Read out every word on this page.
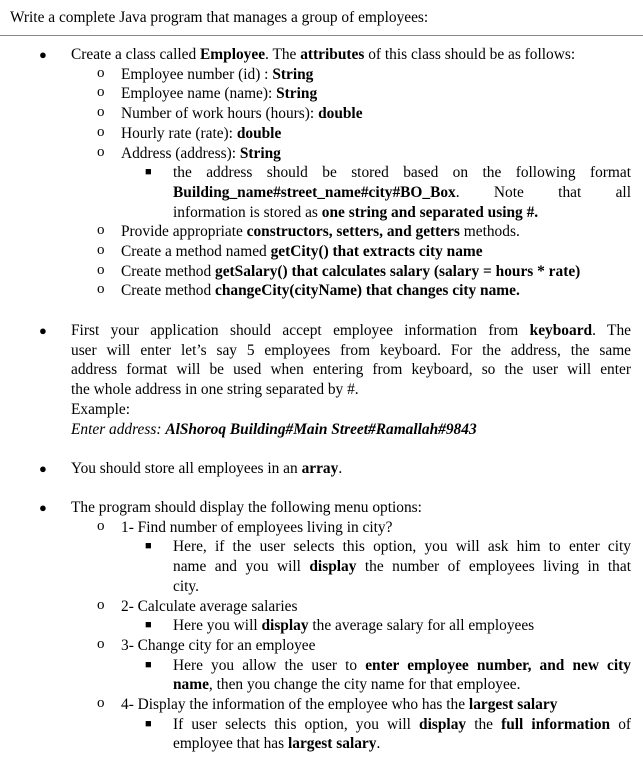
Write a complete Java program that manages a group of employees:
● Create a class called Employee. The attributes of this class should be as follows:
o Employee number (id) : String
o Employee name (name): String
o Number of work hours (hours): double
o Hourly rate (rate): double
o Address (address): String
■ the address should be stored based on the following format
Building_name#street_name#city#BO_Box. Note that all
information is stored as one string and separated using #.
o Provide appropriate constructors, setters, and getters methods.
o Create a method named getCity() that extracts city name
o Create method getSalary() that calculates salary (salary = hours * rate)
o Create method changeCity(cityName) that changes city name.
● First your application should accept employee information from keyboard. The
user will enter let’s say 5 employees from keyboard. For the address, the same
address format will be used when entering from keyboard, so the user will enter
the whole address in one string separated by #.
Example:
Enter address: AlShoroq Building#Main Street#Ramallah#9843
● You should store all employees in an array.
● The program should display the following menu options:
o 1- Find number of employees living in city?
■ Here, if the user selects this option, you will ask him to enter city
name and you will display the number of employees living in that
city.
o 2- Calculate average salaries
■ Here you will display the average salary for all employees
o 3- Change city for an employee
■ Here you allow the user to enter employee number, and new city
name, then you change the city name for that employee.
o 4- Display the information of the employee who has the largest salary
■ If user selects this option, you will display the full information of
employee that has largest salary.
